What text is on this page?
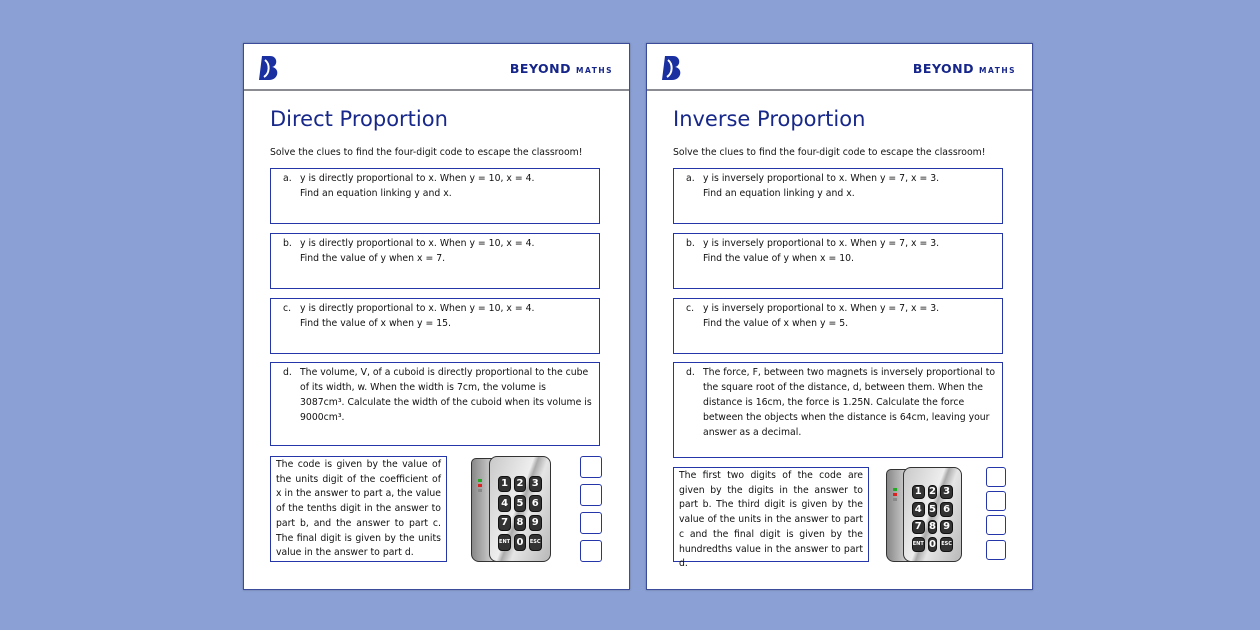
BEYOND MATHS
Direct Proportion
Solve the clues to find the four-digit code to escape the classroom!
a. y is directly proportional to x. When y = 10, x = 4.
Find an equation linking y and x.
b. y is directly proportional to x. When y = 10, x = 4.
Find the value of y when x = 7.
c. y is directly proportional to x. When y = 10, x = 4.
Find the value of x when y = 15.
d. The volume, V, of a cuboid is directly proportional to the cube of its width, w. When the width is 7cm, the volume is 3087cm³. Calculate the width of the cuboid when its volume is 9000cm³.
The code is given by the value of the units digit of the coefficient of x in the answer to part a, the value of the tenths digit in the answer to part b, and the answer to part c. The final digit is given by the units value in the answer to part d.
1 2 3
4 5 6
7 8 9
ENT 0	ESC
BEYOND MATHS
Inverse Proportion
Solve the clues to find the four-digit code to escape the classroom!
a. y is inversely proportional to x. When y = 7, x = 3.
Find an equation linking y and x.
b. y is inversely proportional to x. When y = 7, x = 3.
Find the value of y when x = 10.
c. y is inversely proportional to x. When y = 7, x = 3.
Find the value of x when y = 5.
d. The force, F, between two magnets is inversely proportional to the square root of the distance, d, between them. When the distance is 16cm, the force is 1.25N. Calculate the force between the objects when the distance is 64cm, leaving your answer as a decimal.
The first two digits of the code are given by the digits in the answer to part b. The third digit is given by the value of the units in the answer to part c and the final digit is given by the hundredths value in the answer to part d.
1 2 3
4 5 6
7 8 9
ENT 0 ESC
